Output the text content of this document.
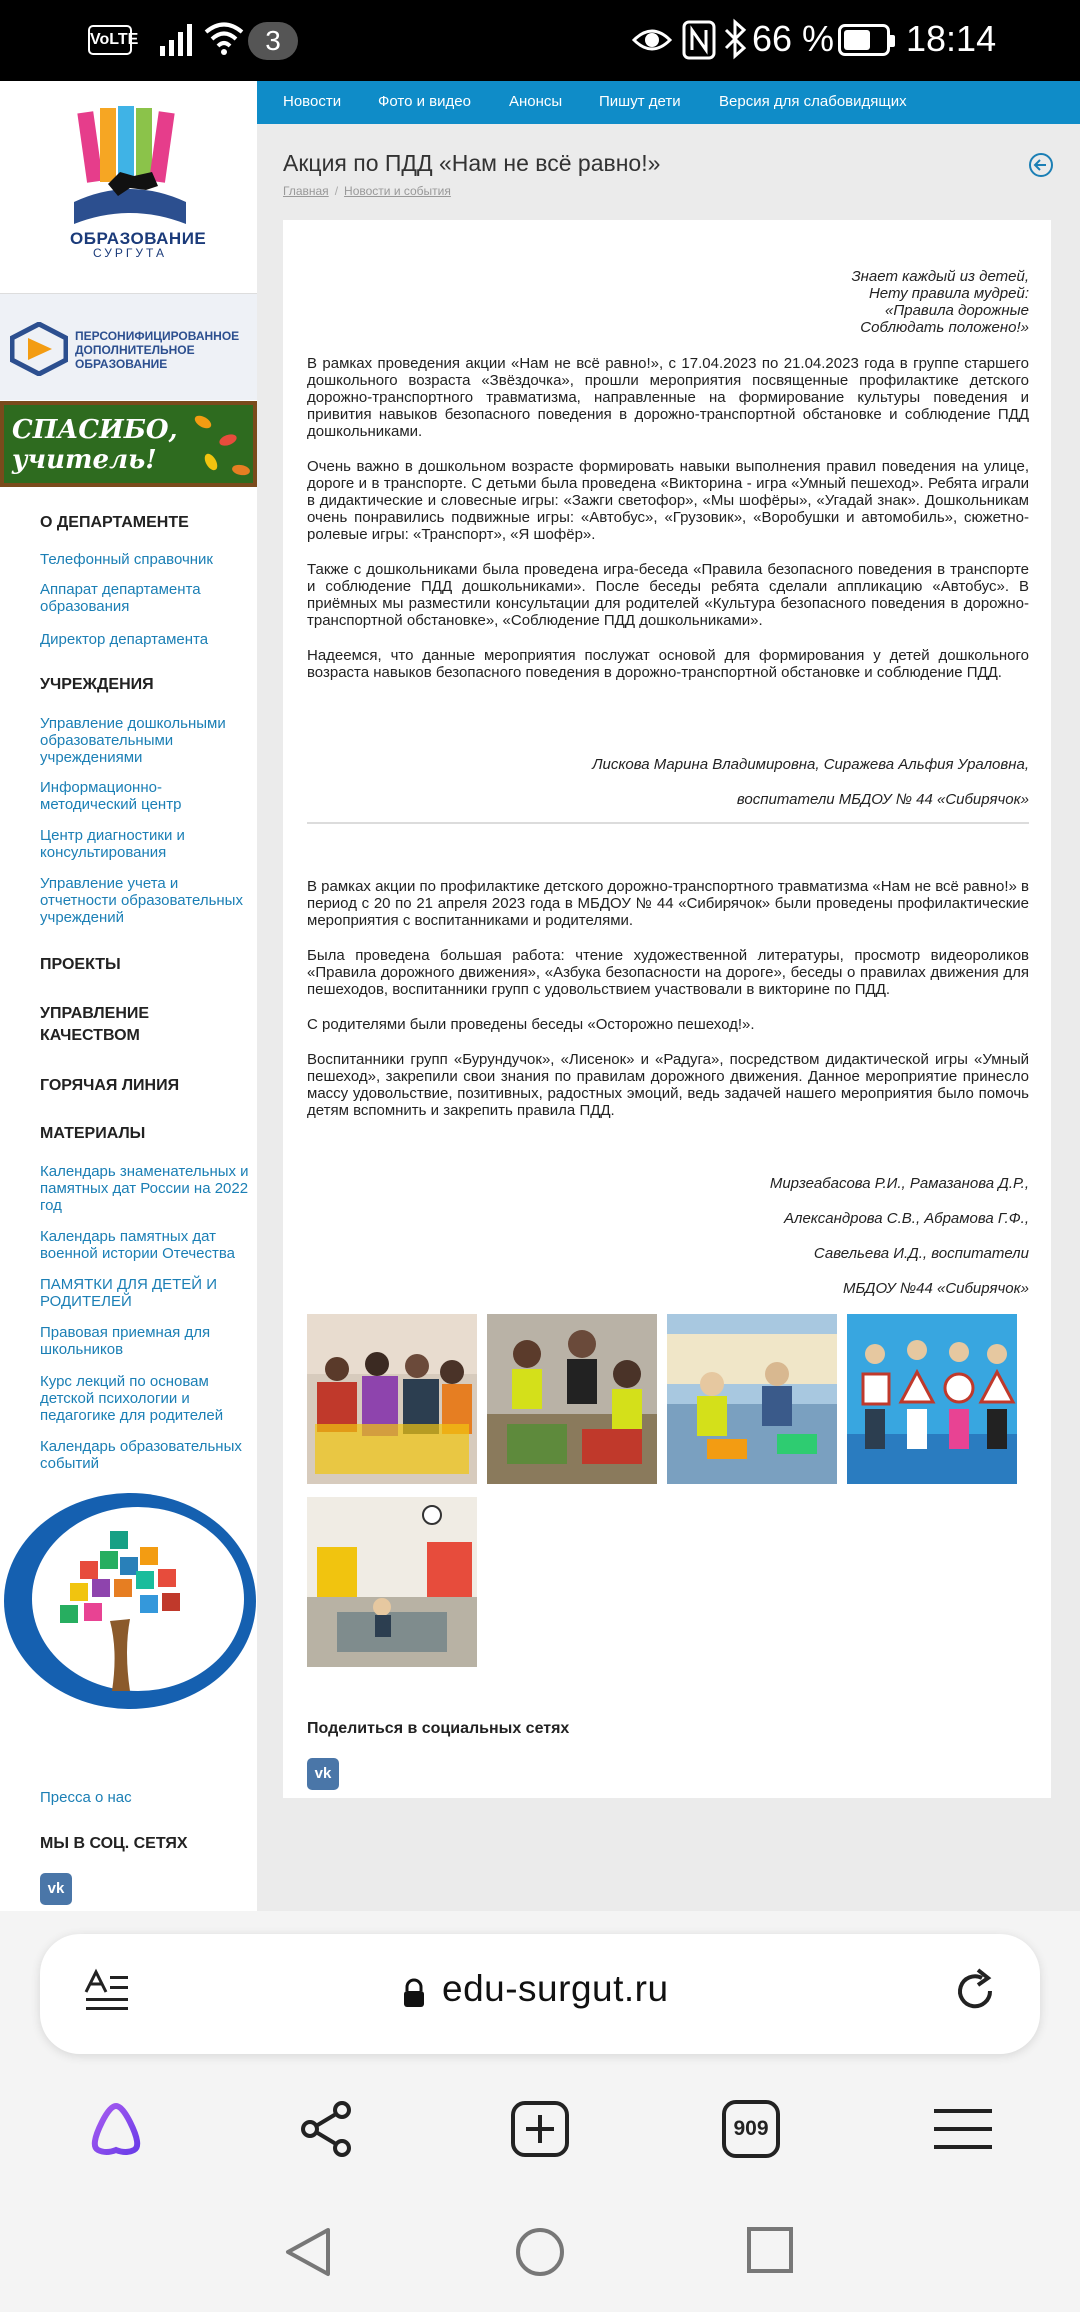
VoLTE	3	66 % 18:14
ОБРАЗОВАНИЕ
СУРГУТА
ПЕРСОНИФИЦИРОВАННОЕ ДОПОЛНИТЕЛЬНОЕ ОБРАЗОВАНИЕ
СПАСИБО,
учитель!
О ДЕПАРТАМЕНТЕ
Телефонный справочник
Аппарат департамента образования
Директор департамента
УЧРЕЖДЕНИЯ
Управление дошкольными образовательными учреждениями
Информационно-методический центр
Центр диагностики и консультирования
Управление учета и отчетности образовательных учреждений
ПРОЕКТЫ
УПРАВЛЕНИЕ КАЧЕСТВОМ
ГОРЯЧАЯ ЛИНИЯ
МАТЕРИАЛЫ
Календарь знаменательных и памятных дат России на 2022 год
Календарь памятных дат военной истории Отечества
ПАМЯТКИ ДЛЯ ДЕТЕЙ И РОДИТЕЛЕЙ
Правовая приемная для школьников
Курс лекций по основам детской психологии и педагогике для родителей
Календарь образовательных событий
Пресса о нас
МЫ В СОЦ. СЕТЯХ
vk
Новости Фото и видео	Анонсы Пишут дети	Версия для слабовидящих
Акция по ПДД «Нам не всё равно!»
Главная / Новости и события
Знает каждый из детей,
Нету правила мудрей:
«Правила дорожные
Соблюдать положено!»
В рамках проведения акции «Нам не всё равно!», с 17.04.2023 по 21.04.2023 года в группе старшего дошкольного возраста «Звёздочка», прошли мероприятия посвященные профилактике детского дорожно-транспортного травматизма, направленные на формирование культуры поведения и привития навыков безопасного поведения в дорожно-транспортной обстановке и соблюдение ПДД дошкольниками.
Очень важно в дошкольном возрасте формировать навыки выполнения правил поведения на улице, дороге и в транспорте. С детьми была проведена «Викторина - игра «Умный пешеход». Ребята играли в дидактические и словесные игры: «Зажги светофор», «Мы шофёры», «Угадай знак». Дошкольникам очень понравились подвижные игры: «Автобус», «Грузовик», «Воробушки и автомобиль», сюжетно-ролевые игры: «Транспорт», «Я шофёр».
Также с дошкольниками была проведена игра-беседа «Правила безопасного поведения в транспорте и соблюдение ПДД дошкольниками». После беседы ребята сделали аппликацию «Автобус». В приёмных мы разместили консультации для родителей «Культура безопасного поведения в дорожно-транспортной обстановке», «Соблюдение ПДД дошкольниками».
Надеемся, что данные мероприятия послужат основой для формирования у детей дошкольного возраста навыков безопасного поведения в дорожно-транспортной обстановке и соблюдение ПДД.
Лискова Марина Владимировна, Сиражева Альфия Ураловна,
воспитатели МБДОУ № 44 «Сибирячок»
В рамках акции по профилактике детского дорожно-транспортного травматизма «Нам не всё равно!» в период с 20 по 21 апреля 2023 года в МБДОУ № 44 «Сибирячок» были проведены профилактические мероприятия с воспитанниками и родителями.
Была проведена большая работа: чтение художественной литературы, просмотр видеороликов «Правила дорожного движения», «Азбука безопасности на дороге», беседы о правилах движения для пешеходов, воспитанники групп с удовольствием участвовали в викторине по ПДД.
С родителями были проведены беседы «Осторожно пешеход!».
Воспитанники групп «Бурундучок», «Лисенок» и «Радуга», посредством дидактической игры «Умный пешеход», закрепили свои знания по правилам дорожного движения. Данное мероприятие принесло массу удовольствие, позитивных, радостных эмоций, ведь задачей нашего мероприятия было помочь детям вспомнить и закрепить правила ПДД.
Мирзеабасова Р.И., Рамазанова Д.Р.,
Александрова С.В., Абрамова Г.Ф.,
Савельева И.Д., воспитатели
МБДОУ №44 «Сибирячок»
Поделиться в социальных сетях
vk
edu-surgut.ru
909
